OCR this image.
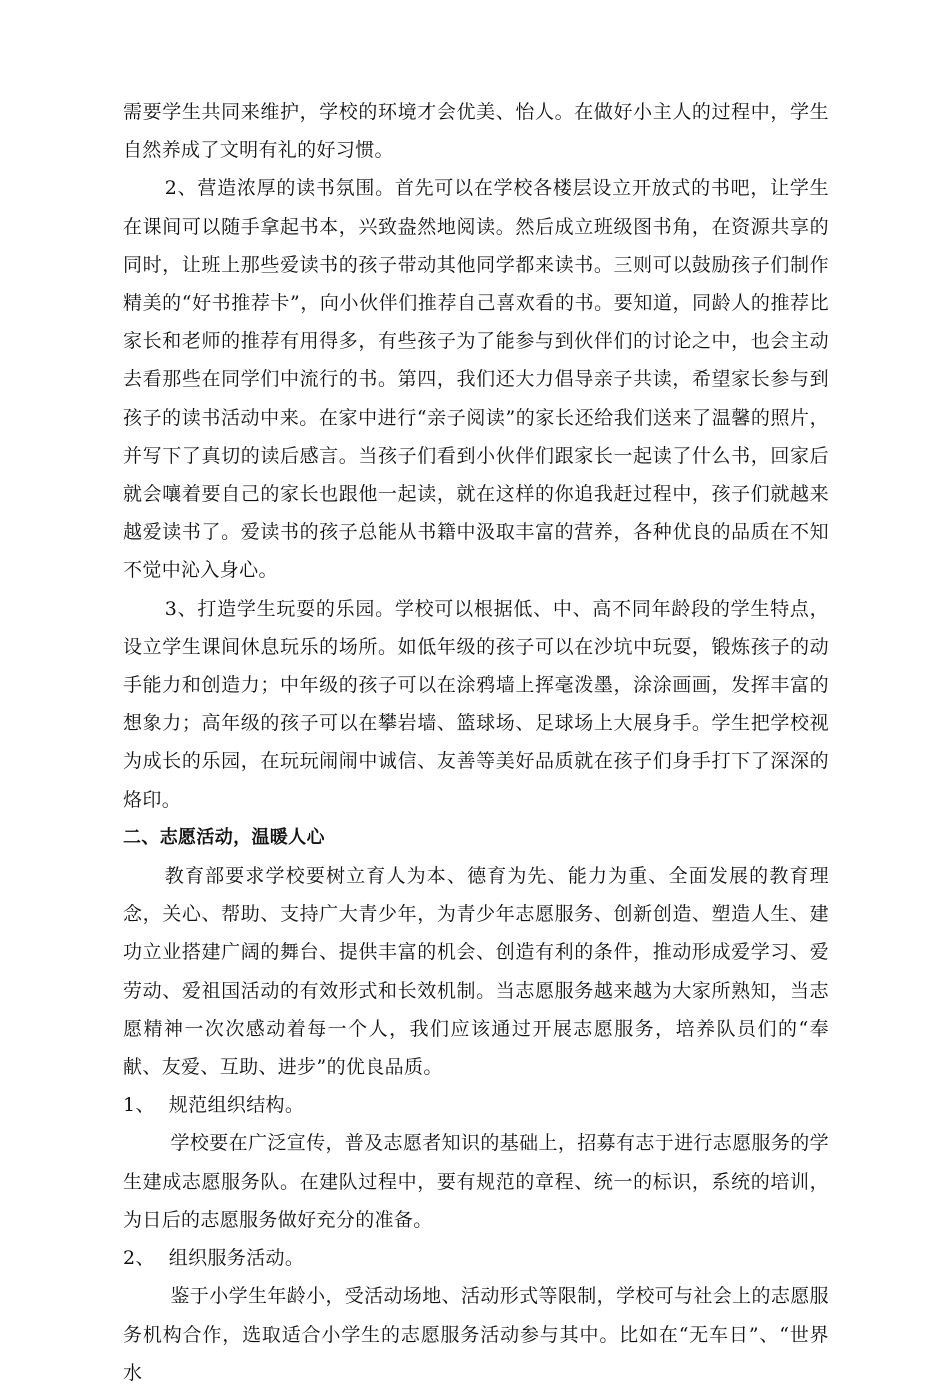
需要学生共同来维护，学校的环境才会优美、怡人。在做好小主人的过程中，学生自然养成了文明有礼的好习惯。

2、营造浓厚的读书氛围。首先可以在学校各楼层设立开放式的书吧，让学生在课间可以随手拿起书本，兴致盎然地阅读。然后成立班级图书角，在资源共享的同时，让班上那些爱读书的孩子带动其他同学都来读书。三则可以鼓励孩子们制作精美的“好书推荐卡”，向小伙伴们推荐自己喜欢看的书。要知道，同龄人的推荐比家长和老师的推荐有用得多，有些孩子为了能参与到伙伴们的讨论之中，也会主动去看那些在同学们中流行的书。第四，我们还大力倡导亲子共读，希望家长参与到孩子的读书活动中来。在家中进行“亲子阅读”的家长还给我们送来了温馨的照片，并写下了真切的读后感言。当孩子们看到小伙伴们跟家长一起读了什么书，回家后就会嚷着要自己的家长也跟他一起读，就在这样的你追我赶过程中，孩子们就越来越爱读书了。爱读书的孩子总能从书籍中汲取丰富的营养，各种优良的品质在不知不觉中沁入身心。

3、打造学生玩耍的乐园。学校可以根据低、中、高不同年龄段的学生特点，设立学生课间休息玩乐的场所。如低年级的孩子可以在沙坑中玩耍，锻炼孩子的动手能力和创造力；中年级的孩子可以在涂鸦墙上挥毫泼墨，涂涂画画，发挥丰富的想象力；高年级的孩子可以在攀岩墙、篮球场、足球场上大展身手。学生把学校视为成长的乐园，在玩玩闹闹中诚信、友善等美好品质就在孩子们身手打下了深深的烙印。

二、志愿活动，温暖人心

教育部要求学校要树立育人为本、德育为先、能力为重、全面发展的教育理念，关心、帮助、支持广大青少年，为青少年志愿服务、创新创造、塑造人生、建功立业搭建广阔的舞台、提供丰富的机会、创造有利的条件，推动形成爱学习、爱劳动、爱祖国活动的有效形式和长效机制。当志愿服务越来越为大家所熟知，当志愿精神一次次感动着每一个人，我们应该通过开展志愿服务，培养队员们的“奉献、友爱、互助、进步”的优良品质。

1、 规范组织结构。

学校要在广泛宣传，普及志愿者知识的基础上，招募有志于进行志愿服务的学生建成志愿服务队。在建队过程中，要有规范的章程、统一的标识，系统的培训，为日后的志愿服务做好充分的准备。

2、 组织服务活动。

鉴于小学生年龄小，受活动场地、活动形式等限制，学校可与社会上的志愿服务机构合作，选取适合小学生的志愿服务活动参与其中。比如在“无车日”、“世界水
